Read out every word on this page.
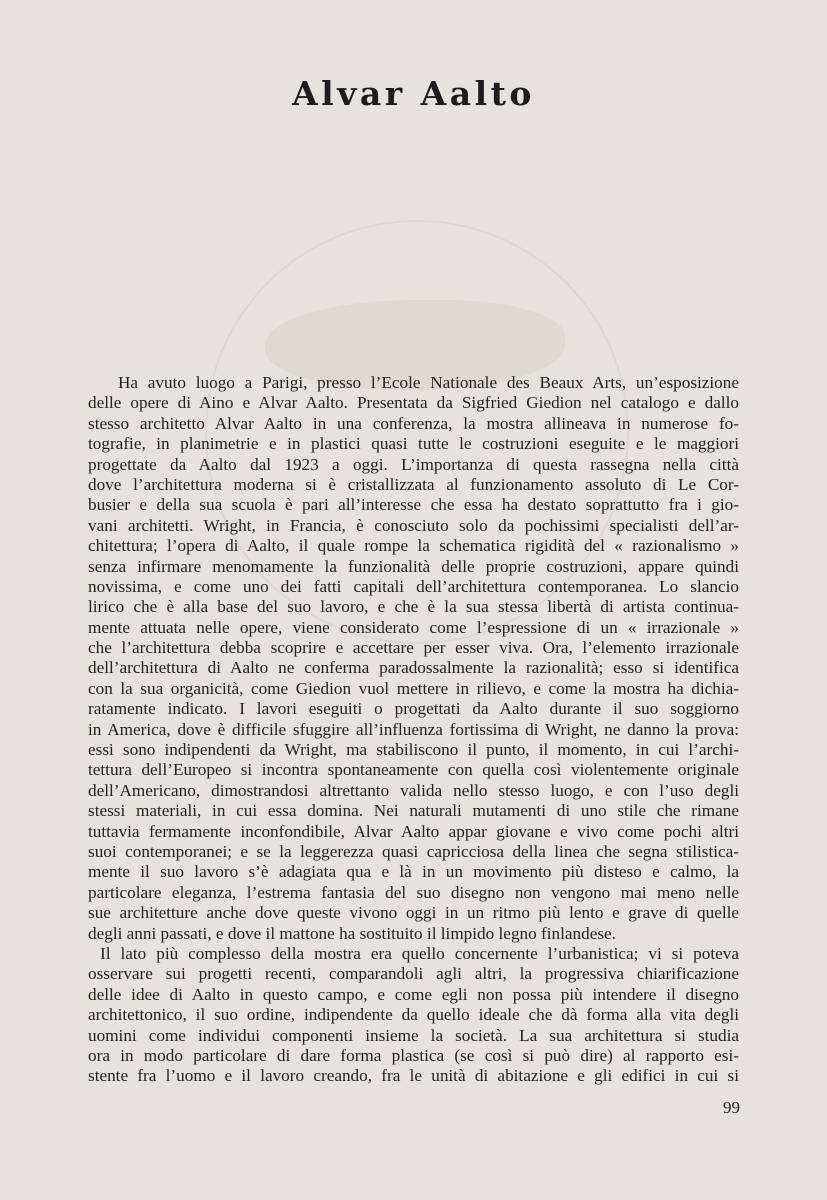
Alvar Aalto
Ha avuto luogo a Parigi, presso l’Ecole Nationale des Beaux Arts, un’esposizione
delle opere di Aino e Alvar Aalto. Presentata da Sigfried Giedion nel catalogo e dallo
stesso architetto Alvar Aalto in una conferenza, la mostra allineava in numerose fo-
tografie, in planimetrie e in plastici quasi tutte le costruzioni eseguite e le maggiori
progettate da Aalto dal 1923 a oggi. L’importanza di questa rassegna nella città
dove l’architettura moderna si è cristallizzata al funzionamento assoluto di Le Cor-
busier e della sua scuola è pari all’interesse che essa ha destato soprattutto fra i gio-
vani architetti. Wright, in Francia, è conosciuto solo da pochissimi specialisti dell’ar-
chitettura; l’opera di Aalto, il quale rompe la schematica rigidità del « razionalismo »
senza infirmare menomamente la funzionalità delle proprie costruzioni, appare quindi
novissima, e come uno dei fatti capitali dell’architettura contemporanea. Lo slancio
lirico che è alla base del suo lavoro, e che è la sua stessa libertà di artista continua-
mente attuata nelle opere, viene considerato come l’espressione di un « irrazionale »
che l’architettura debba scoprire e accettare per esser viva. Ora, l’elemento irrazionale
dell’architettura di Aalto ne conferma paradossalmente la razionalità; esso si identifica
con la sua organicità, come Giedion vuol mettere in rilievo, e come la mostra ha dichia-
ratamente indicato. I lavori eseguiti o progettati da Aalto durante il suo soggiorno
in America, dove è difficile sfuggire all’influenza fortissima di Wright, ne danno la prova:
essi sono indipendenti da Wright, ma stabiliscono il punto, il momento, in cui l’archi-
tettura dell’Europeo si incontra spontaneamente con quella così violentemente originale
dell’Americano, dimostrandosi altrettanto valida nello stesso luogo, e con l’uso degli
stessi materiali, in cui essa domina. Nei naturali mutamenti di uno stile che rimane
tuttavia fermamente inconfondibile, Alvar Aalto appar giovane e vivo come pochi altri
suoi contemporanei; e se la leggerezza quasi capricciosa della linea che segna stilistica-
mente il suo lavoro s’è adagiata qua e là in un movimento più disteso e calmo, la
particolare eleganza, l’estrema fantasia del suo disegno non vengono mai meno nelle
sue architetture anche dove queste vivono oggi in un ritmo più lento e grave di quelle
degli anni passati, e dove il mattone ha sostituito il limpido legno finlandese.
Il lato più complesso della mostra era quello concernente l’urbanistica; vi si poteva
osservare sui progetti recenti, comparandoli agli altri, la progressiva chiarificazione
delle idee di Aalto in questo campo, e come egli non possa più intendere il disegno
architettonico, il suo ordine, indipendente da quello ideale che dà forma alla vita degli
uomini come individui componenti insieme la società. La sua architettura si studia
ora in modo particolare di dare forma plastica (se così si può dire) al rapporto esi-
stente fra l’uomo e il lavoro creando, fra le unità di abitazione e gli edifici in cui si
99
